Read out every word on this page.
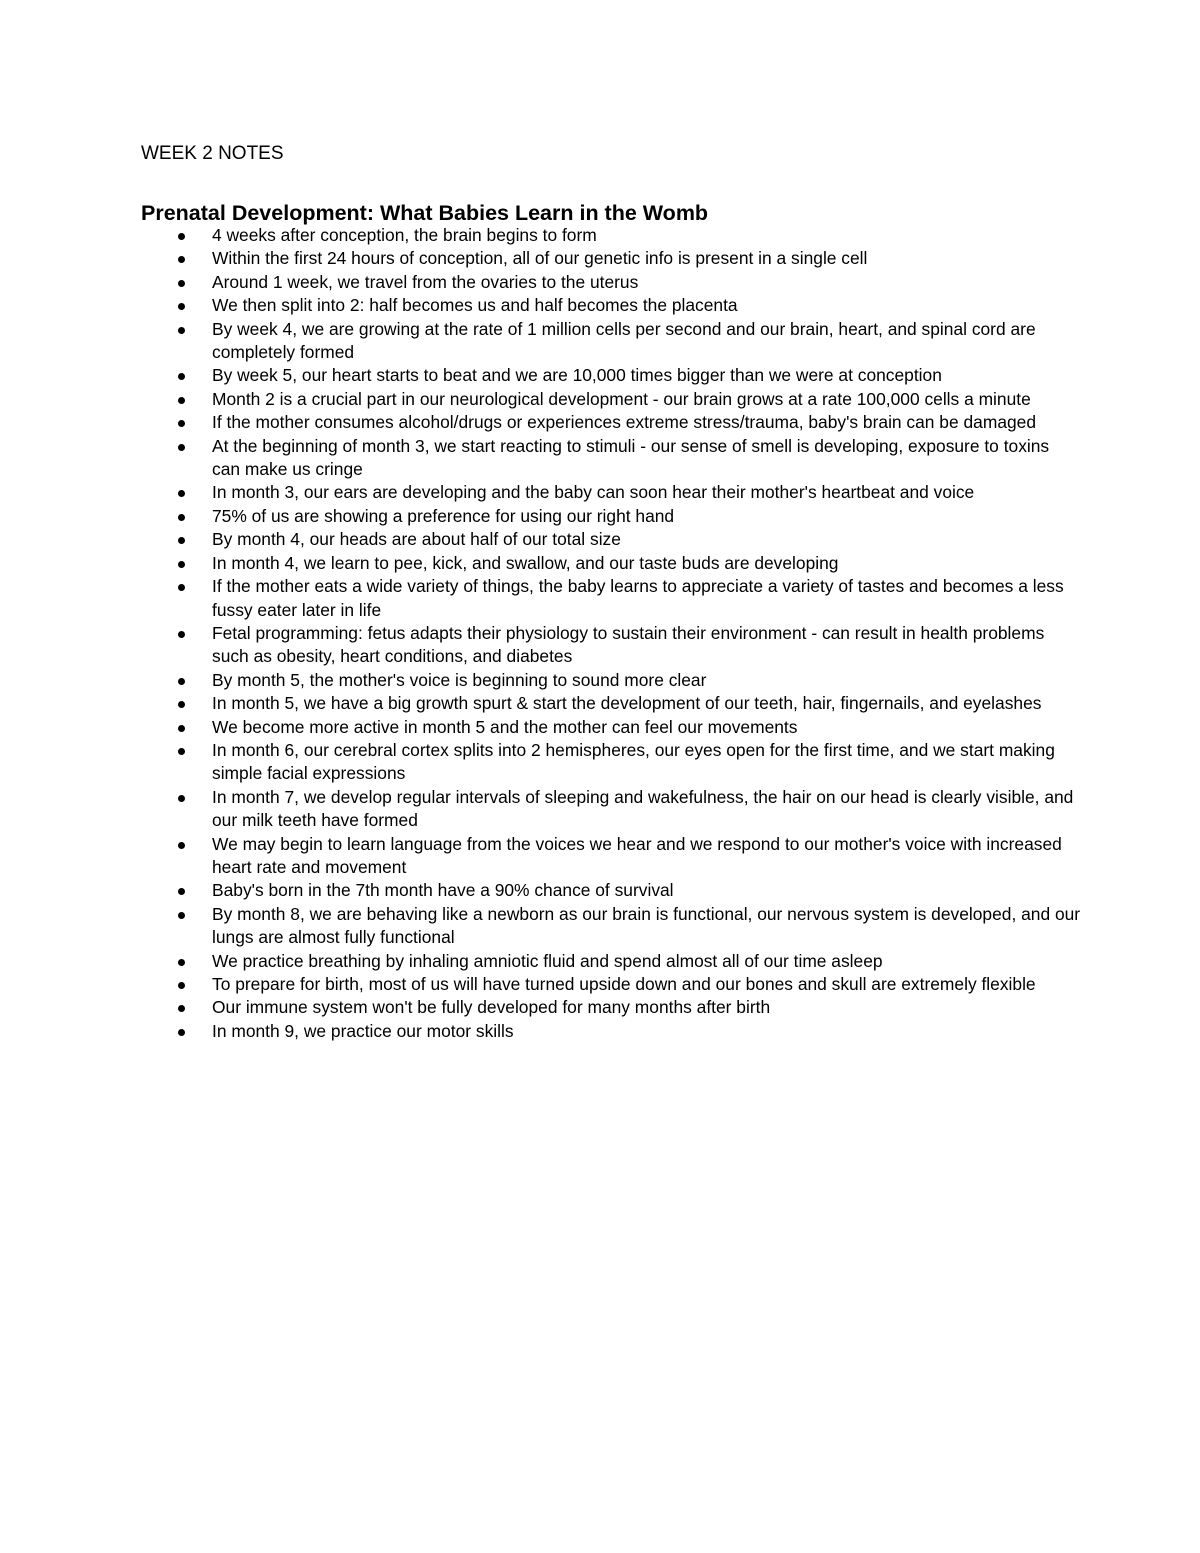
WEEK 2 NOTES
Prenatal Development: What Babies Learn in the Womb
4 weeks after conception, the brain begins to form
Within the first 24 hours of conception, all of our genetic info is present in a single cell
Around 1 week, we travel from the ovaries to the uterus
We then split into 2: half becomes us and half becomes the placenta
By week 4, we are growing at the rate of 1 million cells per second and our brain, heart, and spinal cord are completely formed
By week 5, our heart starts to beat and we are 10,000 times bigger than we were at conception
Month 2 is a crucial part in our neurological development - our brain grows at a rate 100,000 cells a minute
If the mother consumes alcohol/drugs or experiences extreme stress/trauma, baby's brain can be damaged
At the beginning of month 3, we start reacting to stimuli - our sense of smell is developing, exposure to toxins can make us cringe
In month 3, our ears are developing and the baby can soon hear their mother's heartbeat and voice
75% of us are showing a preference for using our right hand
By month 4, our heads are about half of our total size
In month 4, we learn to pee, kick, and swallow, and our taste buds are developing
If the mother eats a wide variety of things, the baby learns to appreciate a variety of tastes and becomes a less fussy eater later in life
Fetal programming: fetus adapts their physiology to sustain their environment - can result in health problems such as obesity, heart conditions, and diabetes
By month 5, the mother's voice is beginning to sound more clear
In month 5, we have a big growth spurt & start the development of our teeth, hair, fingernails, and eyelashes
We become more active in month 5 and the mother can feel our movements
In month 6, our cerebral cortex splits into 2 hemispheres, our eyes open for the first time, and we start making simple facial expressions
In month 7, we develop regular intervals of sleeping and wakefulness, the hair on our head is clearly visible, and our milk teeth have formed
We may begin to learn language from the voices we hear and we respond to our mother's voice with increased heart rate and movement
Baby's born in the 7th month have a 90% chance of survival
By month 8, we are behaving like a newborn as our brain is functional, our nervous system is developed, and our lungs are almost fully functional
We practice breathing by inhaling amniotic fluid and spend almost all of our time asleep
To prepare for birth, most of us will have turned upside down and our bones and skull are extremely flexible
Our immune system won't be fully developed for many months after birth
In month 9, we practice our motor skills
